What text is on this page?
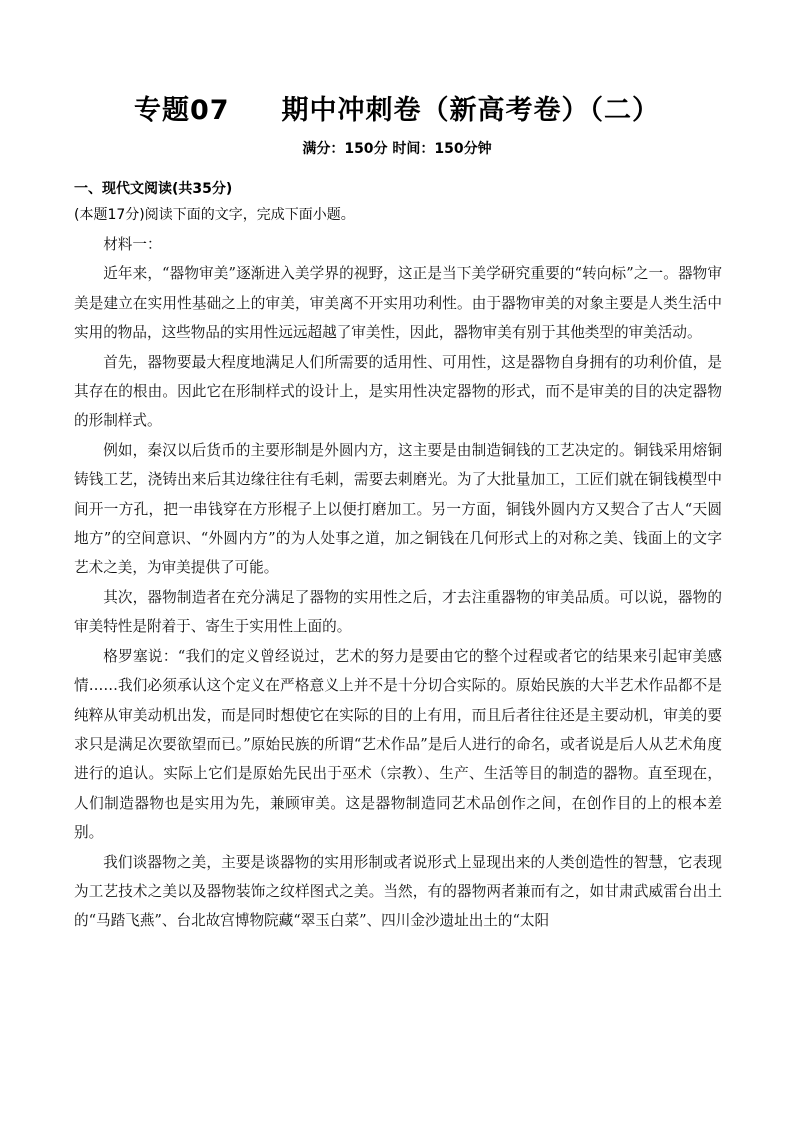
专题07     期中冲刺卷（新高考卷）（二）
满分：150分 时间：150分钟
一、现代文阅读(共35分)
(本题17分)阅读下面的文字，完成下面小题。

材料一：

近年来，“器物审美”逐渐进入美学界的视野，这正是当下美学研究重要的“转向标”之一。器物审美是建立在实用性基础之上的审美，审美离不开实用功利性。由于器物审美的对象主要是人类生活中实用的物品，这些物品的实用性远远超越了审美性，因此，器物审美有别于其他类型的审美活动。

首先，器物要最大程度地满足人们所需要的适用性、可用性，这是器物自身拥有的功利价值，是其存在的根由。因此它在形制样式的设计上，是实用性决定器物的形式，而不是审美的目的决定器物的形制样式。

例如，秦汉以后货币的主要形制是外圆内方，这主要是由制造铜钱的工艺决定的。铜钱采用熔铜铸钱工艺，浇铸出来后其边缘往往有毛刺，需要去刺磨光。为了大批量加工，工匠们就在铜钱模型中间开一方孔，把一串钱穿在方形棍子上以便打磨加工。另一方面，铜钱外圆内方又契合了古人“天圆地方”的空间意识、“外圆内方”的为人处事之道，加之铜钱在几何形式上的对称之美、钱面上的文字艺术之美，为审美提供了可能。

其次，器物制造者在充分满足了器物的实用性之后，才去注重器物的审美品质。可以说，器物的审美特性是附着于、寄生于实用性上面的。

格罗塞说：“我们的定义曾经说过，艺术的努力是要由它的整个过程或者它的结果来引起审美感情……我们必须承认这个定义在严格意义上并不是十分切合实际的。原始民族的大半艺术作品都不是纯粹从审美动机出发，而是同时想使它在实际的目的上有用，而且后者往往还是主要动机，审美的要求只是满足次要欲望而已。”原始民族的所谓“艺术作品”是后人进行的命名，或者说是后人从艺术角度进行的追认。实际上它们是原始先民出于巫术（宗教）、生产、生活等目的制造的器物。直至现在，人们制造器物也是实用为先，兼顾审美。这是器物制造同艺术品创作之间，在创作目的上的根本差别。

我们谈器物之美，主要是谈器物的实用形制或者说形式上显现出来的人类创造性的智慧，它表现为工艺技术之美以及器物装饰之纹样图式之美。当然，有的器物两者兼而有之，如甘肃武威雷台出土的“马踏飞燕”、台北故宫博物院藏“翠玉白菜”、四川金沙遗址出土的“太阳
